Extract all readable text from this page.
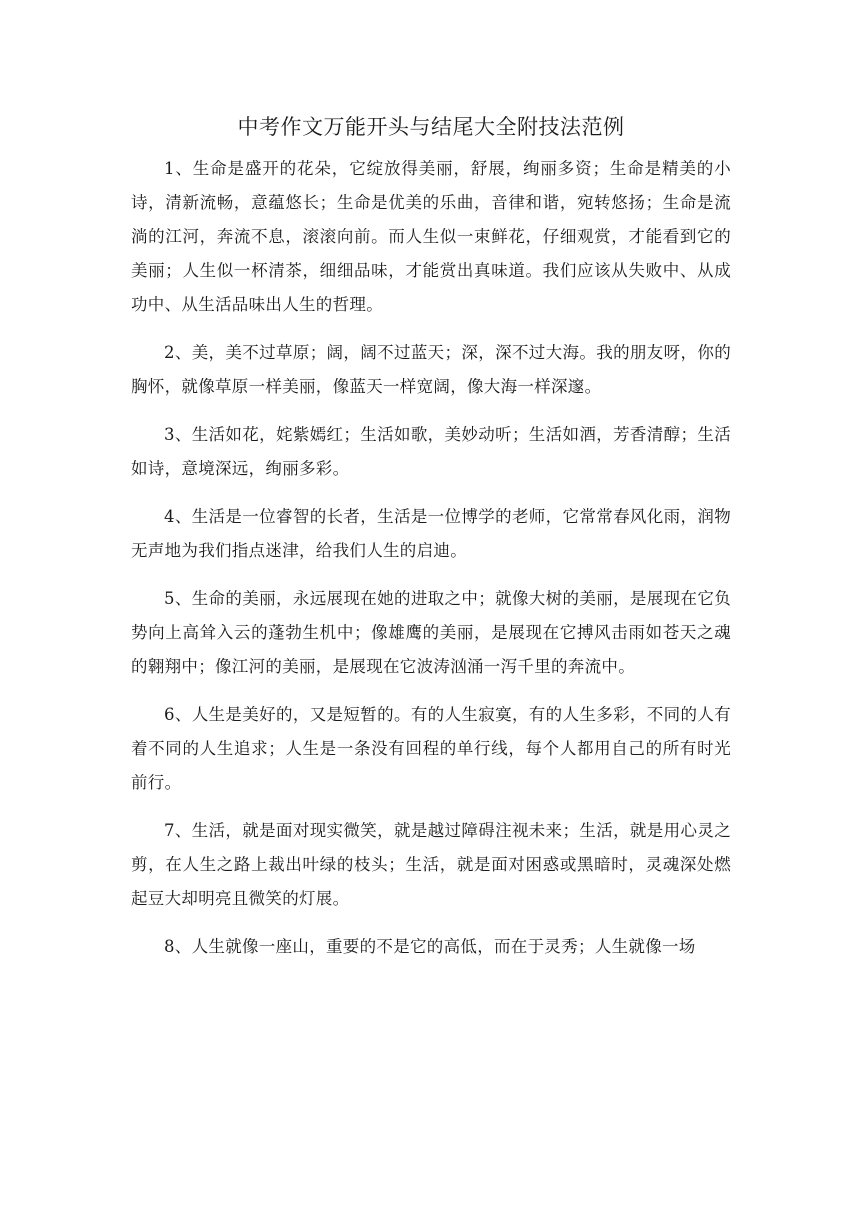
中考作文万能开头与结尾大全附技法范例

1、生命是盛开的花朵，它绽放得美丽，舒展，绚丽多资；生命是精美的小诗，清新流畅，意蕴悠长；生命是优美的乐曲，音律和谐，宛转悠扬；生命是流淌的江河，奔流不息，滚滚向前。而人生似一束鲜花，仔细观赏，才能看到它的美丽；人生似一杯清茶，细细品味，才能赏出真味道。我们应该从失败中、从成功中、从生活品味出人生的哲理。

2、美，美不过草原；阔，阔不过蓝天；深，深不过大海。我的朋友呀，你的胸怀，就像草原一样美丽，像蓝天一样宽阔，像大海一样深邃。

3、生活如花，姹紫嫣红；生活如歌，美妙动听；生活如酒，芳香清醇；生活如诗，意境深远，绚丽多彩。

4、生活是一位睿智的长者，生活是一位博学的老师，它常常春风化雨，润物无声地为我们指点迷津，给我们人生的启迪。

5、生命的美丽，永远展现在她的进取之中；就像大树的美丽，是展现在它负势向上高耸入云的蓬勃生机中；像雄鹰的美丽，是展现在它搏风击雨如苍天之魂的翱翔中；像江河的美丽，是展现在它波涛汹涌一泻千里的奔流中。

6、人生是美好的，又是短暂的。有的人生寂寞，有的人生多彩，不同的人有着不同的人生追求；人生是一条没有回程的单行线，每个人都用自己的所有时光前行。

7、生活，就是面对现实微笑，就是越过障碍注视未来；生活，就是用心灵之剪，在人生之路上裁出叶绿的枝头；生活，就是面对困惑或黑暗时，灵魂深处燃起豆大却明亮且微笑的灯展。

8、人生就像一座山，重要的不是它的高低，而在于灵秀；人生就像一场
